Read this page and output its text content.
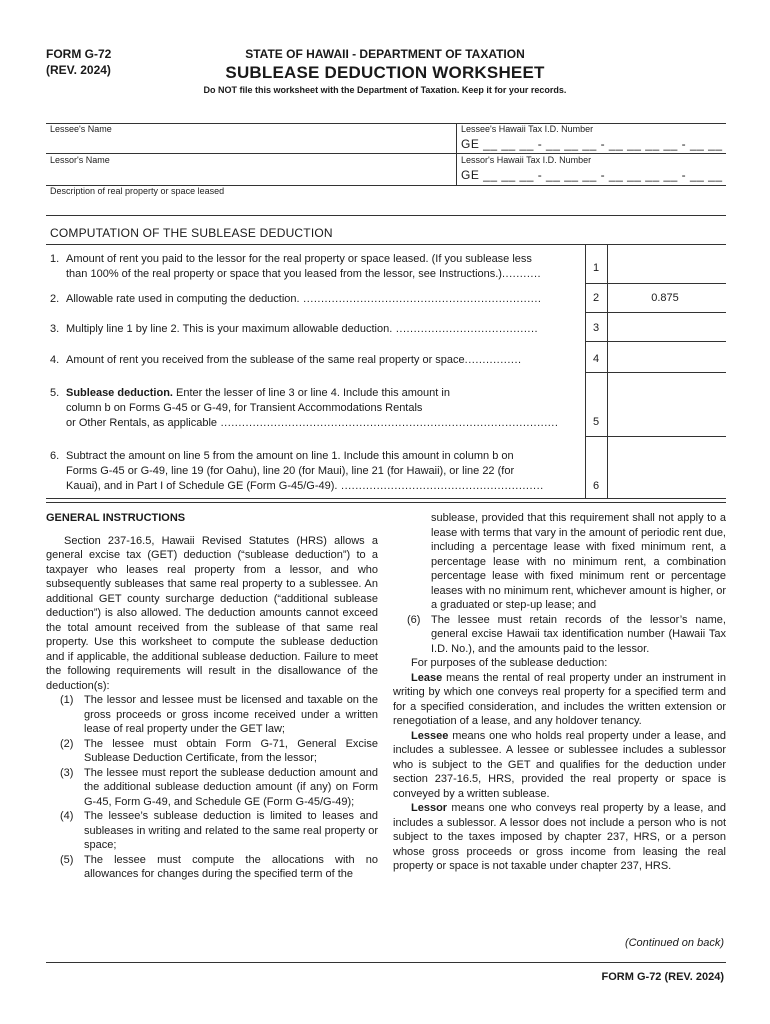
FORM G-72
(REV. 2024)
STATE OF HAWAII - DEPARTMENT OF TAXATION
SUBLEASE DEDUCTION WORKSHEET
Do NOT file this worksheet with the Department of Taxation. Keep it for your records.
Lessee's Name	Lessee's Hawaii Tax I.D. Number
GE __ __ __ - __ __ __ - __ __ __ __ - __ __
Lessor's Name	Lessor's Hawaii Tax I.D. Number
GE __ __ __ - __ __ __ - __ __ __ __ - __ __
Description of real property or space leased
COMPUTATION OF THE SUBLEASE DEDUCTION
1. Amount of rent you paid to the lessor for the real property or space leased. (If you sublease less
than 100% of the real property or space that you leased from the lessor, see Instructions.)...........	1
2. Allowable rate used in computing the deduction. ...................................................................	2	0.875
3. Multiply line 1 by line 2. This is your maximum allowable deduction. ........................................	3
4. Amount of rent you received from the sublease of the same real property or space................	4
5. Sublease deduction. Enter the lesser of line 3 or line 4. Include this amount in
column b on Forms G-45 or G-49, for Transient Accommodations Rentals
or Other Rentals, as applicable ...............................................................................................	5
6. Subtract the amount on line 5 from the amount on line 1. Include this amount in column b on
Forms G-45 or G-49, line 19 (for Oahu), line 20 (for Maui), line 21 (for Hawaii), or line 22 (for
Kauai), and in Part I of Schedule GE (Form G-45/G-49). .........................................................	6
GENERAL INSTRUCTIONS

Section 237-16.5, Hawaii Revised Statutes (HRS) allows a general excise tax (GET) deduction (“sublease deduction”) to a taxpayer who leases real property from a lessor, and who subsequently subleases that same real property to a sublessee. An additional GET county surcharge deduction (“additional sublease deduction”) is also allowed. The deduction amounts cannot exceed the total amount received from the sublease of that same real property. Use this worksheet to compute the sublease deduction and if applicable, the additional sublease deduction. Failure to meet the following requirements will result in the disallowance of the deduction(s):

(1) The lessor and lessee must be licensed and taxable on the gross proceeds or gross income received under a written lease of real property under the GET law;
(2) The lessee must obtain Form G-71, General Excise Sublease Deduction Certificate, from the lessor;
(3) The lessee must report the sublease deduction amount and the additional sublease deduction amount (if any) on Form G-45, Form G-49, and Schedule GE (Form G-45/G-49);
(4) The lessee’s sublease deduction is limited to leases and subleases in writing and related to the same real property or space;
(5) The lessee must compute the allocations with no allowances for changes during the specified term of the
sublease, provided that this requirement shall not apply to a lease with terms that vary in the amount of periodic rent due, including a percentage lease with fixed minimum rent, a percentage lease with no minimum rent, a combination percentage lease with fixed minimum rent or percentage leases with no minimum rent, whichever amount is higher, or a graduated or step-up lease; and
(6) The lessee must retain records of the lessor’s name, general excise Hawaii tax identification number (Hawaii Tax I.D. No.), and the amounts paid to the lessor.

For purposes of the sublease deduction:

Lease means the rental of real property under an instrument in writing by which one conveys real property for a specified term and for a specified consideration, and includes the written extension or renegotiation of a lease, and any holdover tenancy.

Lessee means one who holds real property under a lease, and includes a sublessee. A lessee or sublessee includes a sublessor who is subject to the GET and qualifies for the deduction under section 237-16.5, HRS, provided the real property or space is conveyed by a written sublease.

Lessor means one who conveys real property by a lease, and includes a sublessor. A lessor does not include a person who is not subject to the taxes imposed by chapter 237, HRS, or a person whose gross proceeds or gross income from leasing the real property or space is not taxable under chapter 237, HRS.

(Continued on back)
FORM G-72 (REV. 2024)
